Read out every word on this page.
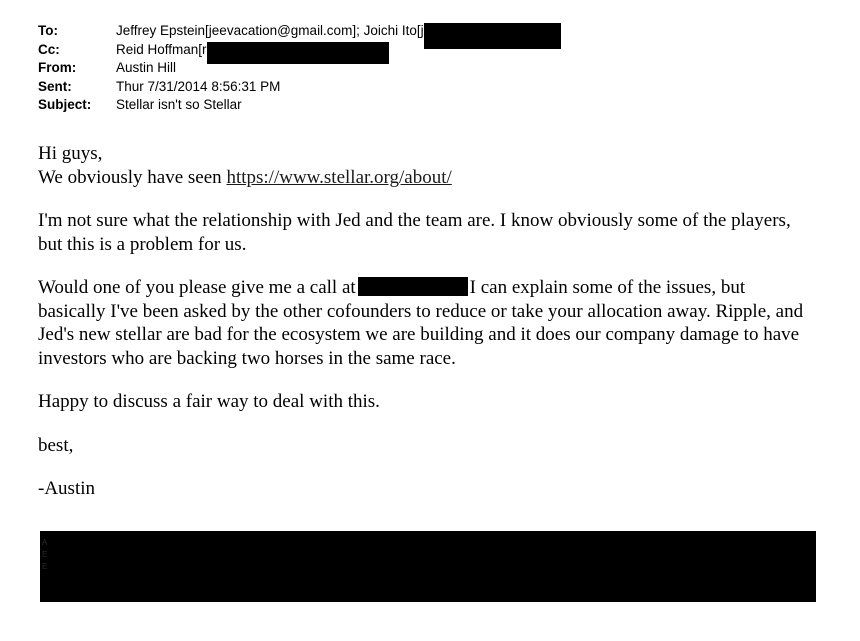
To:	Jeffrey Epstein[jeevacation@gmail.com]; Joichi Ito[j
Cc:	Reid Hoffman[r
From:	Austin Hill
Sent:	Thur 7/31/2014 8:56:31 PM
Subject: Stellar isn't so Stellar

Hi guys,

We obviously have seen https://www.stellar.org/about/

I'm not sure what the relationship with Jed and the team are. I know obviously some of the players, but this is a problem for us.

Would one of you please give me a call at	I can explain some of the issues, but basically I've been asked by the other cofounders to reduce or take your allocation away. Ripple, and Jed's new stellar are bad for the ecosystem we are building and it does our company damage to have investors who are backing two horses in the same race.

Happy to discuss a fair way to deal with this.

best,

-Austin

A
E
E
